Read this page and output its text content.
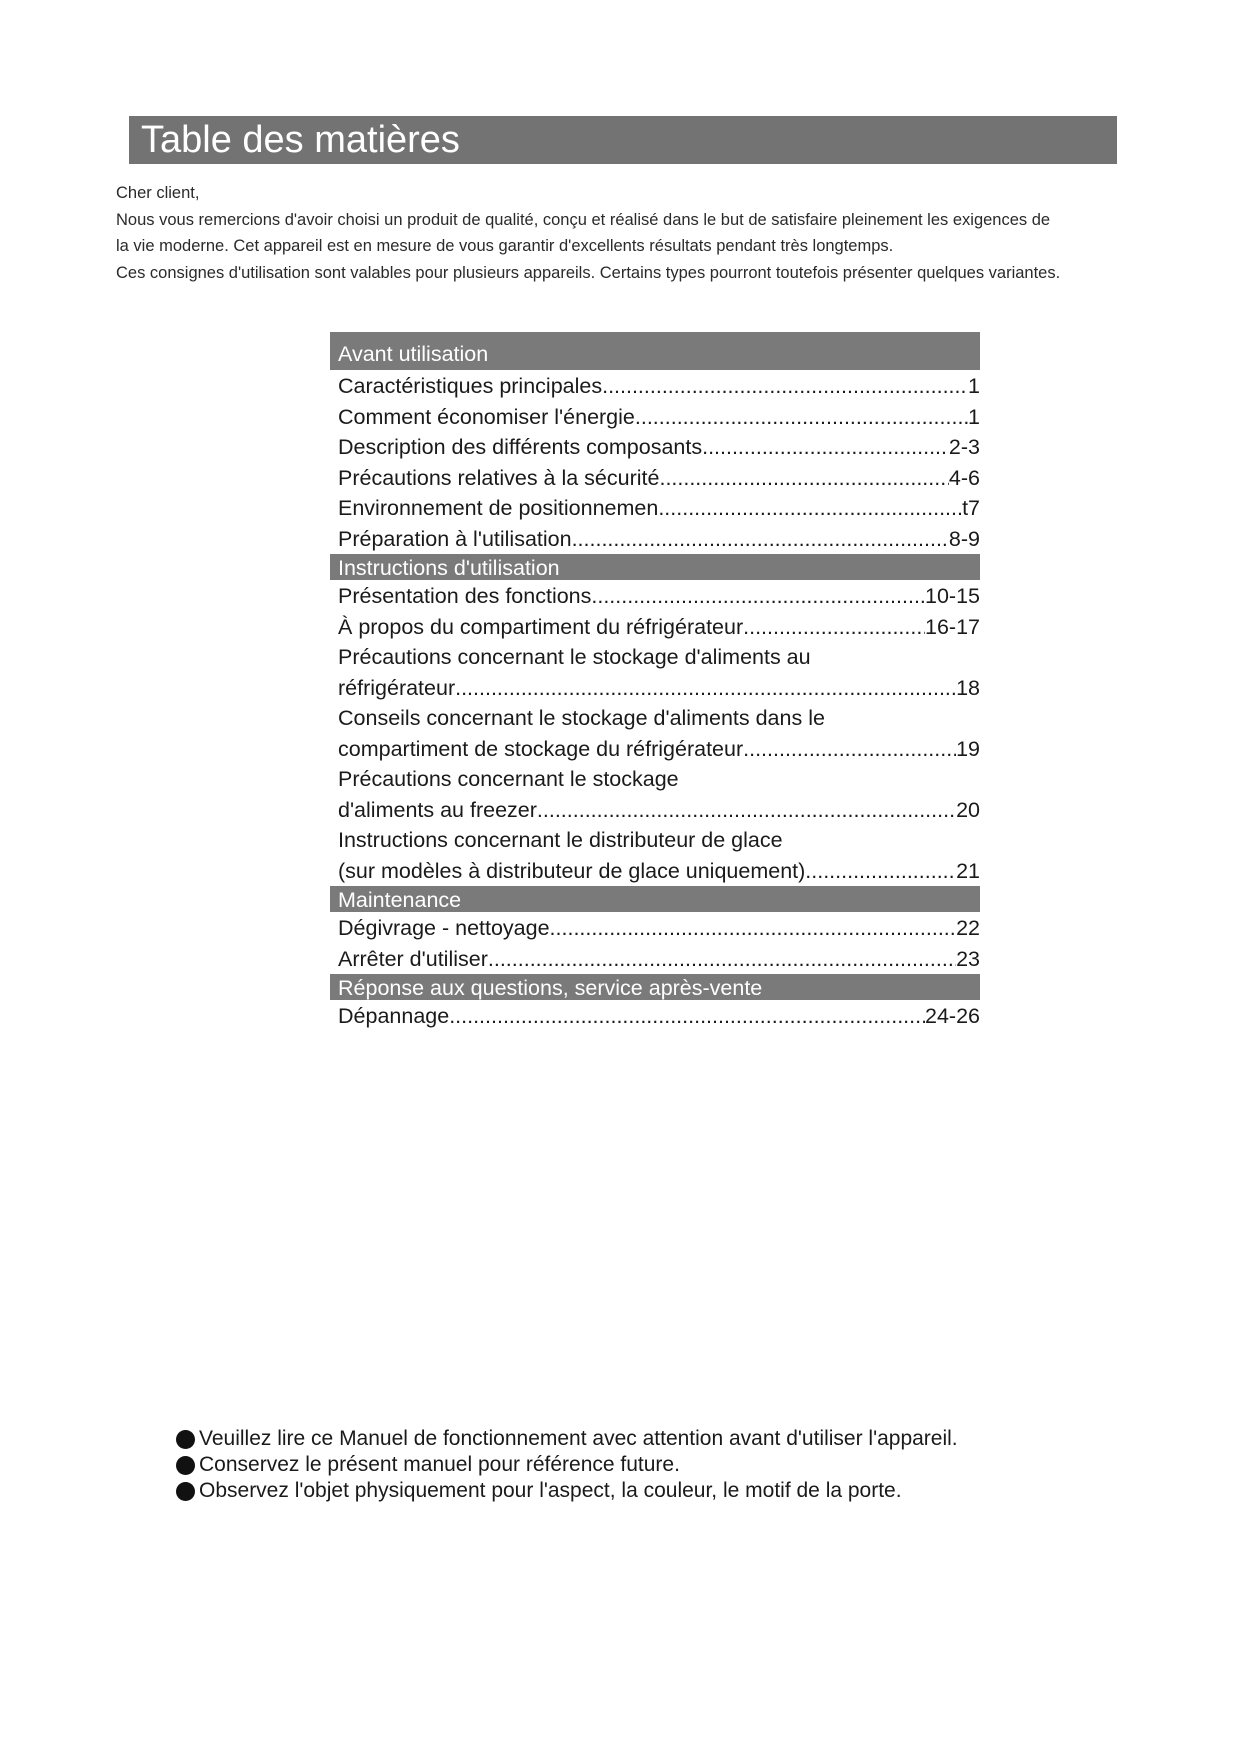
Table des matières

Cher client,

Nous vous remercions d'avoir choisi un produit de qualité, conçu et réalisé dans le but de satisfaire pleinement les exigences de

la vie moderne. Cet appareil est en mesure de vous garantir d'excellents résultats pendant très longtemps.

Ces consignes d'utilisation sont valables pour plusieurs appareils. Certains types pourront toutefois présenter quelques variantes.

Avant utilisation
Caractéristiques principales .....	1
Comment économiser l'énergie .....	1
Description des différents composants .....	2-3
Précautions relatives à la sécurité .....	4-6
Environnement de positionnemen .....	t7
Préparation à l'utilisation .....	8-9
Instructions d'utilisation
Présentation des fonctions .....	10-15
À propos du compartiment du réfrigérateur .....	16-17
Précautions concernant le stockage d'aliments au
réfrigérateur .....	18
Conseils concernant le stockage d'aliments dans le
compartiment de stockage du réfrigérateur .....	19
Précautions concernant le stockage
d'aliments au freezer .....	20
Instructions concernant le distributeur de glace
(sur modèles à distributeur de glace uniquement) .....	21
Maintenance
Dégivrage - nettoyage .....	22
Arrêter d'utiliser .....	23
Réponse aux questions, service après-vente
Dépannage .....	24-26
Veuillez lire ce Manuel de fonctionnement avec attention avant d'utiliser l'appareil.
Conservez le présent manuel pour référence future.
Observez l'objet physiquement pour l'aspect, la couleur, le motif de la porte.
